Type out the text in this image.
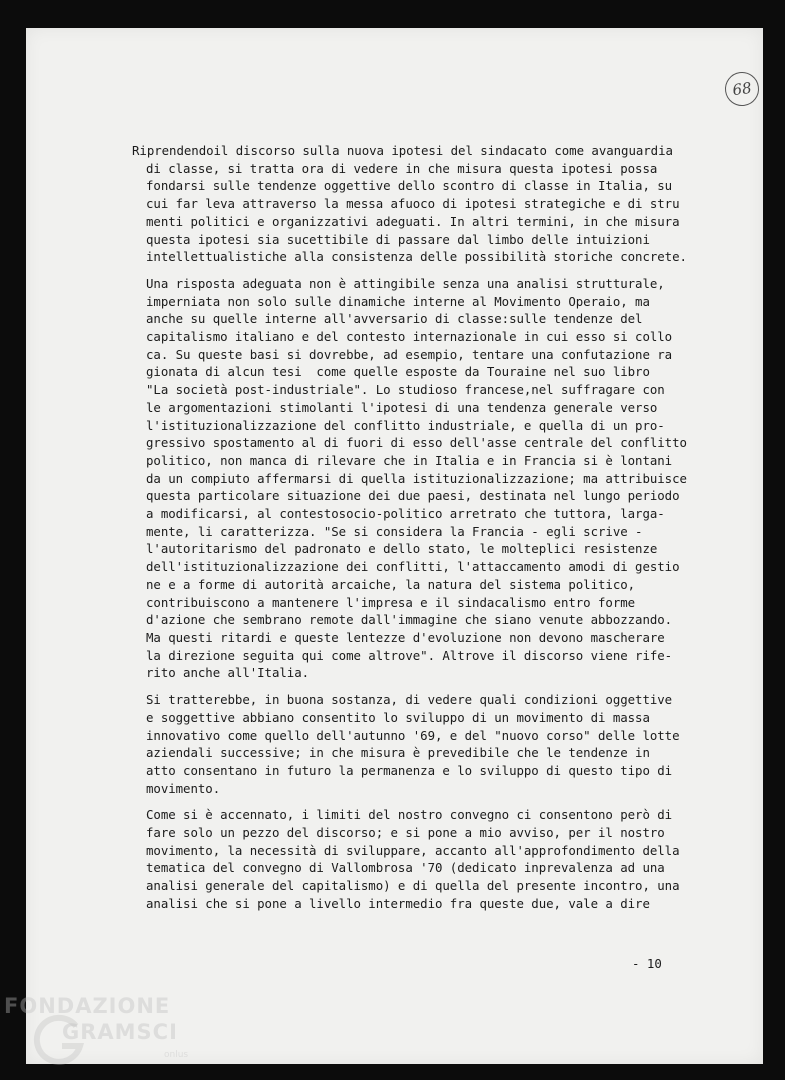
68
Riprendendoil discorso sulla nuova ipotesi del sindacato come avanguardia
di classe, si tratta ora di vedere in che misura questa ipotesi possa
fondarsi sulle tendenze oggettive dello scontro di classe in Italia, su
cui far leva attraverso la messa afuoco di ipotesi strategiche e di stru
menti politici e organizzativi adeguati. In altri termini, in che misura
questa ipotesi sia sucettibile di passare dal limbo delle intuizioni
intellettualistiche alla consistenza delle possibilità storiche concrete.
Una risposta adeguata non è attingibile senza una analisi strutturale,
imperniata non solo sulle dinamiche interne al Movimento Operaio, ma
anche su quelle interne all'avversario di classe:sulle tendenze del
capitalismo italiano e del contesto internazionale in cui esso si collo
ca. Su queste basi si dovrebbe, ad esempio, tentare una confutazione ra
gionata di alcun tesi  come quelle esposte da Touraine nel suo libro
"La società post-industriale". Lo studioso francese,nel suffragare con
le argomentazioni stimolanti l'ipotesi di una tendenza generale verso
l'istituzionalizzazione del conflitto industriale, e quella di un pro-
gressivo spostamento al di fuori di esso dell'asse centrale del conflitto
politico, non manca di rilevare che in Italia e in Francia si è lontani
da un compiuto affermarsi di quella istituzionalizzazione; ma attribuisce
questa particolare situazione dei due paesi, destinata nel lungo periodo
a modificarsi, al contestosocio-politico arretrato che tuttora, larga-
mente, li caratterizza. "Se si considera la Francia - egli scrive -
l'autoritarismo del padronato e dello stato, le molteplici resistenze
dell'istituzionalizzazione dei conflitti, l'attaccamento amodi di gestio
ne e a forme di autorità arcaiche, la natura del sistema politico,
contribuiscono a mantenere l'impresa e il sindacalismo entro forme
d'azione che sembrano remote dall'immagine che siano venute abbozzando.
Ma questi ritardi e queste lentezze d'evoluzione non devono mascherare
la direzione seguita qui come altrove". Altrove il discorso viene rife-
rito anche all'Italia.
Si tratterebbe, in buona sostanza, di vedere quali condizioni oggettive
e soggettive abbiano consentito lo sviluppo di un movimento di massa
innovativo come quello dell'autunno '69, e del "nuovo corso" delle lotte
aziendali successive; in che misura è prevedibile che le tendenze in
atto consentano in futuro la permanenza e lo sviluppo di questo tipo di
movimento.
Come si è accennato, i limiti del nostro convegno ci consentono però di
fare solo un pezzo del discorso; e si pone a mio avviso, per il nostro
movimento, la necessità di sviluppare, accanto all'approfondimento della
tematica del convegno di Vallombrosa '70 (dedicato inprevalenza ad una
analisi generale del capitalismo) e di quella del presente incontro, una
analisi che si pone a livello intermedio fra queste due, vale a dire
- 10
FONDAZIONE
GRAMSCI
onlus
